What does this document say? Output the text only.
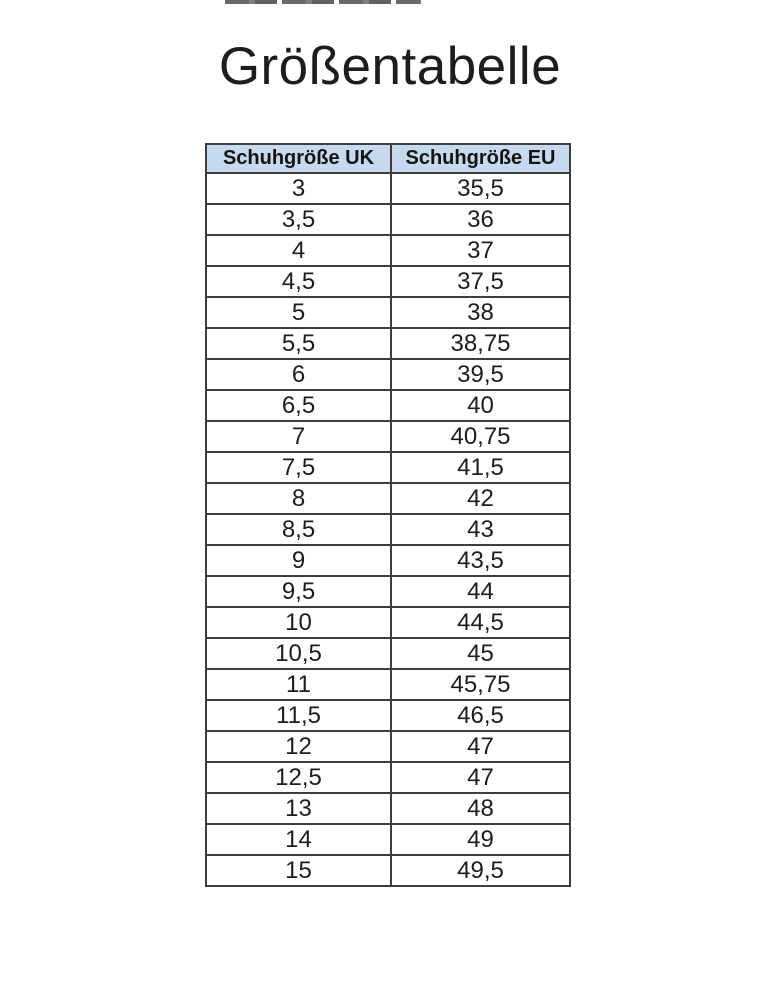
Größentabelle
Schuhgröße UK	Schuhgröße EU
3	35,5
3,5	36
4	37
4,5	37,5
5	38
5,5	38,75
6	39,5
6,5	40
7	40,75
7,5	41,5
8	42
8,5	43
9	43,5
9,5	44
10	44,5
10,5	45
11	45,75
11,5	46,5
12	47
12,5	47
13	48
14	49
15	49,5
